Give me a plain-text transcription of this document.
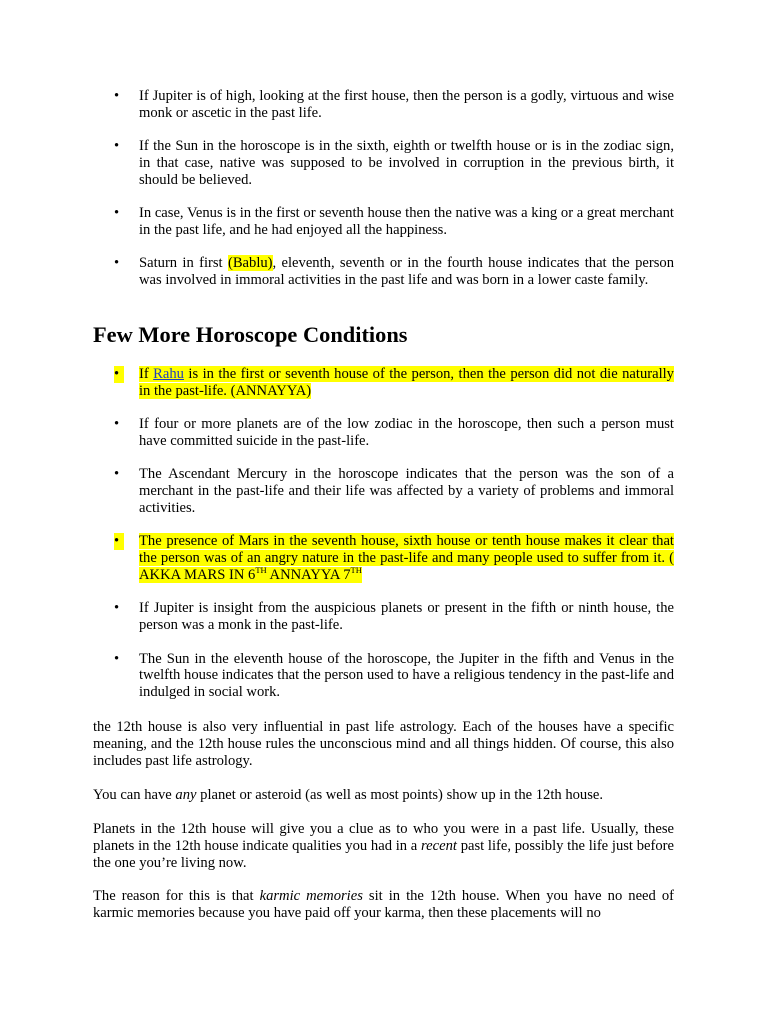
•	If Jupiter is of high, looking at the first house, then the person is a godly, virtuous and wise monk or ascetic in the past life.
•	If the Sun in the horoscope is in the sixth, eighth or twelfth house or is in the zodiac sign, in that case, native was supposed to be involved in corruption in the previous birth, it should be believed.
•	In case, Venus is in the first or seventh house then the native was a king or a great merchant in the past life, and he had enjoyed all the happiness.
•	Saturn in first (Bablu), eleventh, seventh or in the fourth house indicates that the person was involved in immoral activities in the past life and was born in a lower caste family.
Few More Horoscope Conditions
•	If Rahu is in the first or seventh house of the person, then the person did not die naturally in the past-life. (ANNAYYA)
•	If four or more planets are of the low zodiac in the horoscope, then such a person must have committed suicide in the past-life.
•	The Ascendant Mercury in the horoscope indicates that the person was the son of a merchant in the past-life and their life was affected by a variety of problems and immoral activities.
•	The presence of Mars in the seventh house, sixth house or tenth house makes it clear that the person was of an angry nature in the past-life and many people used to suffer from it. ( AKKA MARS IN 6TH ANNAYYA 7TH
•	If Jupiter is insight from the auspicious planets or present in the fifth or ninth house, the person was a monk in the past-life.
•	The Sun in the eleventh house of the horoscope, the Jupiter in the fifth and Venus in the twelfth house indicates that the person used to have a religious tendency in the past-life and indulged in social work.

the 12th house is also very influential in past life astrology. Each of the houses have a specific meaning, and the 12th house rules the unconscious mind and all things hidden. Of course, this also includes past life astrology.

You can have any planet or asteroid (as well as most points) show up in the 12th house.

Planets in the 12th house will give you a clue as to who you were in a past life. Usually, these planets in the 12th house indicate qualities you had in a recent past life, possibly the life just before the one you’re living now.

The reason for this is that karmic memories sit in the 12th house. When you have no need of karmic memories because you have paid off your karma, then these placements will no
